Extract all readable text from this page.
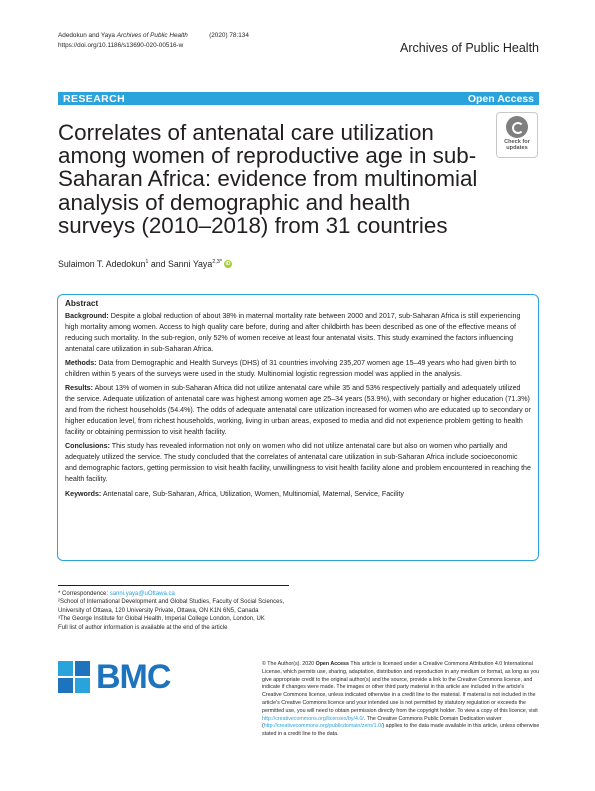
Adedokun and Yaya Archives of Public Health	(2020) 78:134
https://doi.org/10.1186/s13690-020-00516-w	Archives of Public Health
RESEARCH	Open Access
Correlates of antenatal care utilization among women of reproductive age in sub-Saharan Africa: evidence from multinomial analysis of demographic and health surveys (2010–2018) from 31 countries
Check for
updates
Sulaimon T. Adedokun$^1$ and Sanni Yaya$^{2,3*}$ iD
Abstract

Background: Despite a global reduction of about 38% in maternal mortality rate between 2000 and 2017, sub-Saharan Africa is still experiencing high mortality among women. Access to high quality care before, during and after childbirth has been described as one of the effective means of reducing such mortality. In the sub-region, only 52% of women receive at least four antenatal visits. This study examined the factors influencing antenatal care utilization in sub-Saharan Africa.

Methods: Data from Demographic and Health Surveys (DHS) of 31 countries involving 235,207 women age 15–49 years who had given birth to children within 5 years of the surveys were used in the study. Multinomial logistic regression model was applied in the analysis.

Results: About 13% of women in sub-Saharan Africa did not utilize antenatal care while 35 and 53% respectively partially and adequately utilized the service. Adequate utilization of antenatal care was highest among women age 25–34 years (53.9%), with secondary or higher education (71.3%) and from the richest households (54.4%). The odds of adequate antenatal care utilization increased for women who are educated up to secondary or higher education level, from richest households, working, living in urban areas, exposed to media and did not experience problem getting to health facility or obtaining permission to visit health facility.

Conclusions: This study has revealed information not only on women who did not utilize antenatal care but also on women who partially and adequately utilized the service. The study concluded that the correlates of antenatal care utilization in sub-Saharan Africa include socioeconomic and demographic factors, getting permission to visit health facility, unwillingness to visit health facility alone and problem encountered in reaching the health facility.

Keywords: Antenatal care, Sub-Saharan, Africa, Utilization, Women, Multinomial, Maternal, Service, Facility

* Correspondence: sanni.yaya@uOttawa.ca

²School of International Development and Global Studies, Faculty of Social Sciences, University of Ottawa, 120 University Private, Ottawa, ON K1N 6N5, Canada

³The George Institute for Global Health, Imperial College London, London, UK

Full list of author information is available at the end of the article

BMC	© The Author(s). 2020 Open Access This article is licensed under a Creative Commons Attribution 4.0 International License, which permits use, sharing, adaptation, distribution and reproduction in any medium or format, as long as you give appropriate credit to the original author(s) and the source, provide a link to the Creative Commons licence, and indicate if changes were made. The images or other third party material in this article are included in the article's Creative Commons licence, unless indicated otherwise in a credit line to the material. If material is not included in the article's Creative Commons licence and your intended use is not permitted by statutory regulation or exceeds the permitted use, you will need to obtain permission directly from the copyright holder. To view a copy of this licence, visit http://creativecommons.org/licenses/by/4.0/. The Creative Commons Public Domain Dedication waiver (http://creativecommons.org/publicdomain/zero/1.0/) applies to the data made available in this article, unless otherwise stated in a credit line to the data.
